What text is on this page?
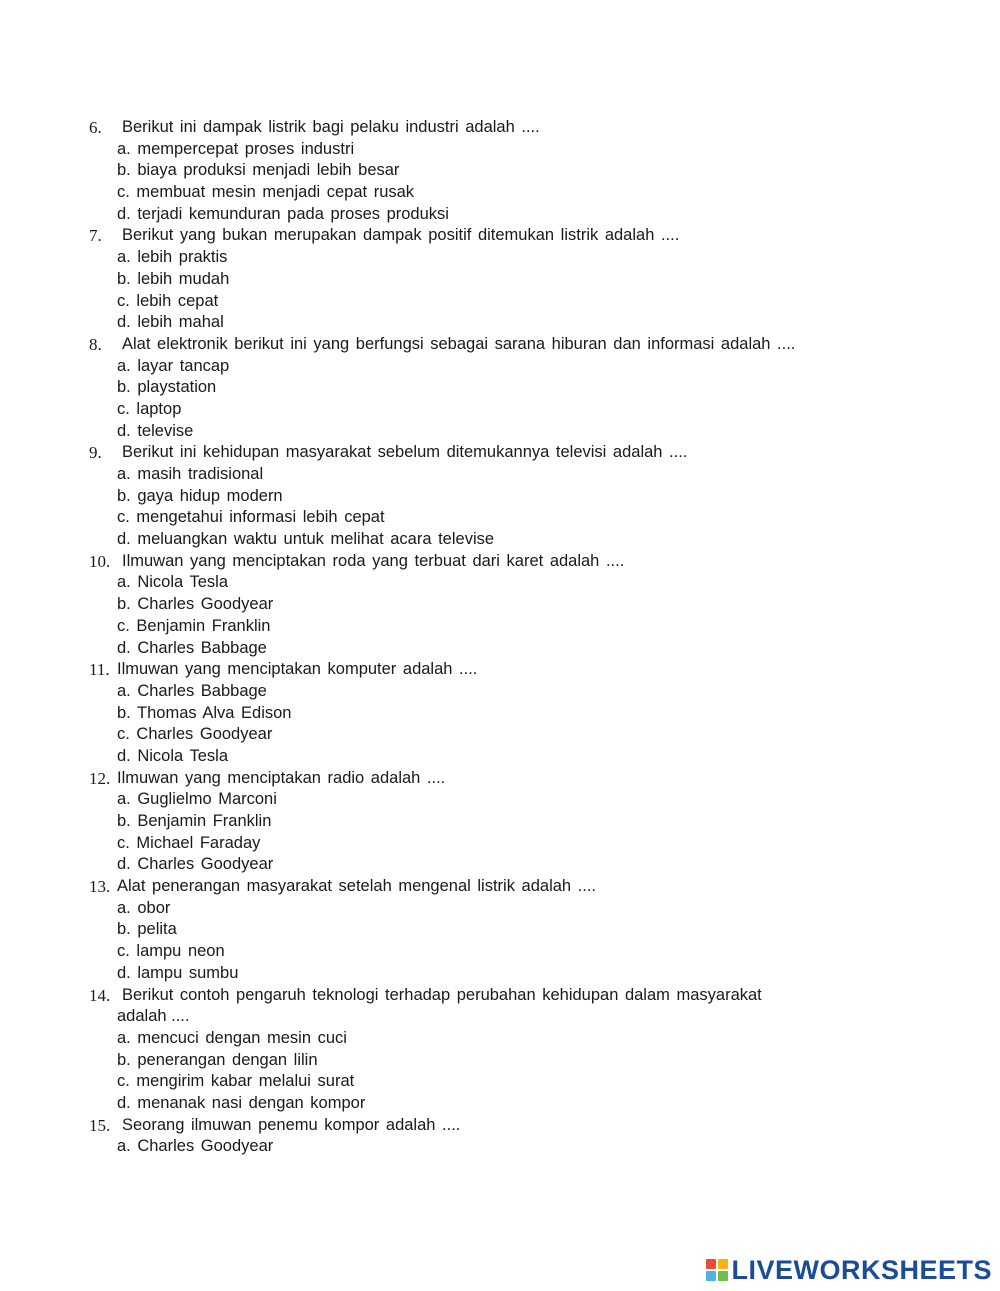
6. Berikut ini dampak listrik bagi pelaku industri adalah ....
a. mempercepat proses industri
b. biaya produksi menjadi lebih besar
c. membuat mesin menjadi cepat rusak
d. terjadi kemunduran pada proses produksi
7. Berikut yang bukan merupakan dampak positif ditemukan listrik adalah ....
a. lebih praktis
b. lebih mudah
c. lebih cepat
d. lebih mahal
8. Alat elektronik berikut ini yang berfungsi sebagai sarana hiburan dan informasi adalah ....
a. layar tancap
b. playstation
c. laptop
d. televise
9. Berikut ini kehidupan masyarakat sebelum ditemukannya televisi adalah ....
a. masih tradisional
b. gaya hidup modern
c. mengetahui informasi lebih cepat
d. meluangkan waktu untuk melihat acara televise
10. Ilmuwan yang menciptakan roda yang terbuat dari karet adalah ....
a. Nicola Tesla
b. Charles Goodyear
c. Benjamin Franklin
d. Charles Babbage
11. Ilmuwan yang menciptakan komputer adalah ....
a. Charles Babbage
b. Thomas Alva Edison
c. Charles Goodyear
d. Nicola Tesla
12. Ilmuwan yang menciptakan radio adalah ....
a. Guglielmo Marconi
b. Benjamin Franklin
c. Michael Faraday
d. Charles Goodyear
13. Alat penerangan masyarakat setelah mengenal listrik adalah ....
a. obor
b. pelita
c. lampu neon
d. lampu sumbu
14. Berikut contoh pengaruh teknologi terhadap perubahan kehidupan dalam masyarakat
adalah ....
a. mencuci dengan mesin cuci
b. penerangan dengan lilin
c. mengirim kabar melalui surat
d. menanak nasi dengan kompor
15. Seorang ilmuwan penemu kompor adalah ....
a. Charles Goodyear
LIVEWORKSHEETS
